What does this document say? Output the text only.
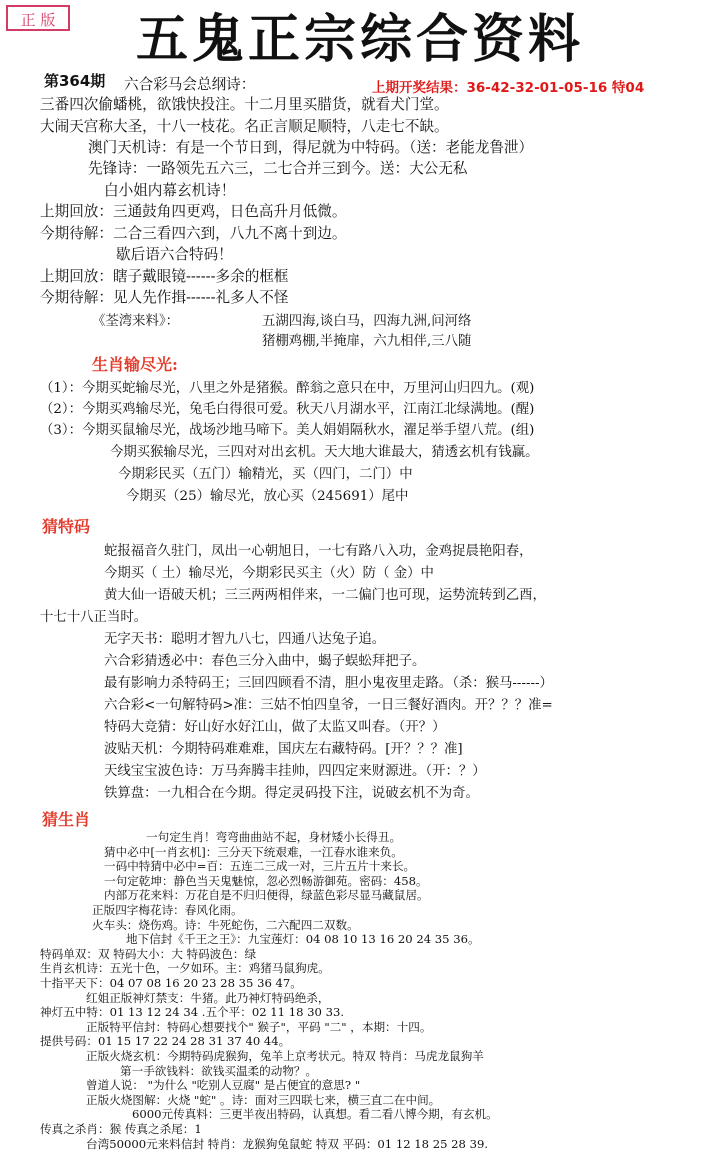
正 版	五鬼正宗综合资料
第364期	上期开奖结果：36-42-32-01-05-16 特04
六合彩马会总纲诗：
三番四次偷蟠桃，欲饿快投注。十二月里买腊货，就看犬门堂。
大闹天宫称大圣，十八一枝花。名正言顺足顺特，八走七不缺。
澳门天机诗：有是一个节日到，得尼就为中特码。（送：老能龙鲁泄）
先锋诗：一路领先五六三，二七合并三到今。送：大公无私
白小姐内幕玄机诗！
上期回放：三通鼓角四更鸡，日色高升月低微。
今期待解：二合三看四六到，八九不离十到边。
歇后语六合特码！
上期回放：瞎子戴眼镜------多余的框框
今期待解：见人先作揖------礼多人不怪
《荃湾来料》：	五湖四海,谈白马，四海九洲,问河络
猪棚鸡棚,半掩扉，六九相伴,三八随
生肖输尽光:
（1）：今期买蛇输尽光，八里之外是猪猴。醉翁之意只在中，万里河山归四九。(观)
（2）：今期买鸡输尽光，兔毛白得很可爱。秋天八月湖水平，江南江北绿满地。(醒)
（3）：今期买鼠输尽光，战场沙地马啼下。美人娟娟隔秋水，濯足举手望八荒。(组)
今期买猴输尽光，三四对对出玄机。天大地大谁最大，猜透玄机有钱赢。
今期彩民买（五门）输精光，买（四门，二门）中
今期买（25）输尽光，放心买（245691）尾中
猜特码
蛇报福音久驻门，凤出一心朝旭日，一七有路八入功，金鸡捉晨艳阳春，
今期买（ 土）输尽光，今期彩民买主（火）防（ 金）中
黄大仙一语破天机；三三两两相伴来，一二偏门也可现，运势流转到乙酉，
十七十八正当时。
无字天书：聪明才智九八七，四通八达兔子追。
六合彩猜透必中：春色三分入曲中，蝎子蜈蚣拜把子。
最有影响力杀特码王；三回四顾看不清，胆小鬼夜里走路。（杀：猴马------）
六合彩<一句解特码>准：三姑不怕四皇爷，一日三餐好酒肉。开？？？准=
特码大竞猜：好山好水好江山，做了太监又叫春。（开？）
波贴天机：今期特码难难难，国庆左右藏特码。[开？？？准]
天线宝宝波色诗：万马奔腾丰挂帅，四四定来财源进。（开：？）
铁算盘：一九相合在今期。得定灵码投下注，说破玄机不为奇。
猜生肖
一句定生肖！弯弯曲曲站不起，身材矮小长得丑。
猜中必中[一肖玄机]：三分天下统艰难，一江春水谁来负。
一码中特猜中必中=百：五连二三成一对，三片五片十来长。
一句定乾坤：静色当天鬼魅惊，忽必烈畅游御苑。密码：458。
内部万花来料：万花自是不归归便得，绿蓝色彩尽显马藏鼠居。
正版四字梅花诗：春风化雨。
火车头：烧伤鸡。诗：牛死蛇伤，二六配四二双数。
地下信封《千王之王》：九宝莲灯：04 08 10 13 16 20 24 35 36。
特码单双：双 特码大小：大 特码波色：绿
生肖玄机诗：五光十色，一夕如环。主：鸡猪马鼠狗虎。
十指平天下：04 07 08 16 20 23 28 35 36 47。
红姐正版神灯禁支：牛猪。此乃神灯特码绝杀，
神灯五中特：01 13 12 24 34 .五个平：02 11 18 30 33.
正版特平信封：特码心想要找个" 猴子"，平码 "二" ，本期：十四。
提供号码：01 15 17 22 24 28 31 37 40 44。
正版火烧玄机：今期特码虎猴狗，兔羊上京考状元。特双 特肖：马虎龙鼠狗羊
第一手欲钱料：欲钱买温柔的动物？。
曾道人说： "为什么 "吃别人豆腐" 是占便宜的意思? "
正版火烧图解：火烧 "蛇" 。诗：面对三四联七来，横三直二在中间。
6000元传真料：三更半夜出特码，认真想。看二看八博今期，有玄机。
传真之杀肖：猴 传真之杀尾：1
台湾50000元来料信封 特肖：龙猴狗兔鼠蛇 特双 平码：01 12 18 25 28 39.
